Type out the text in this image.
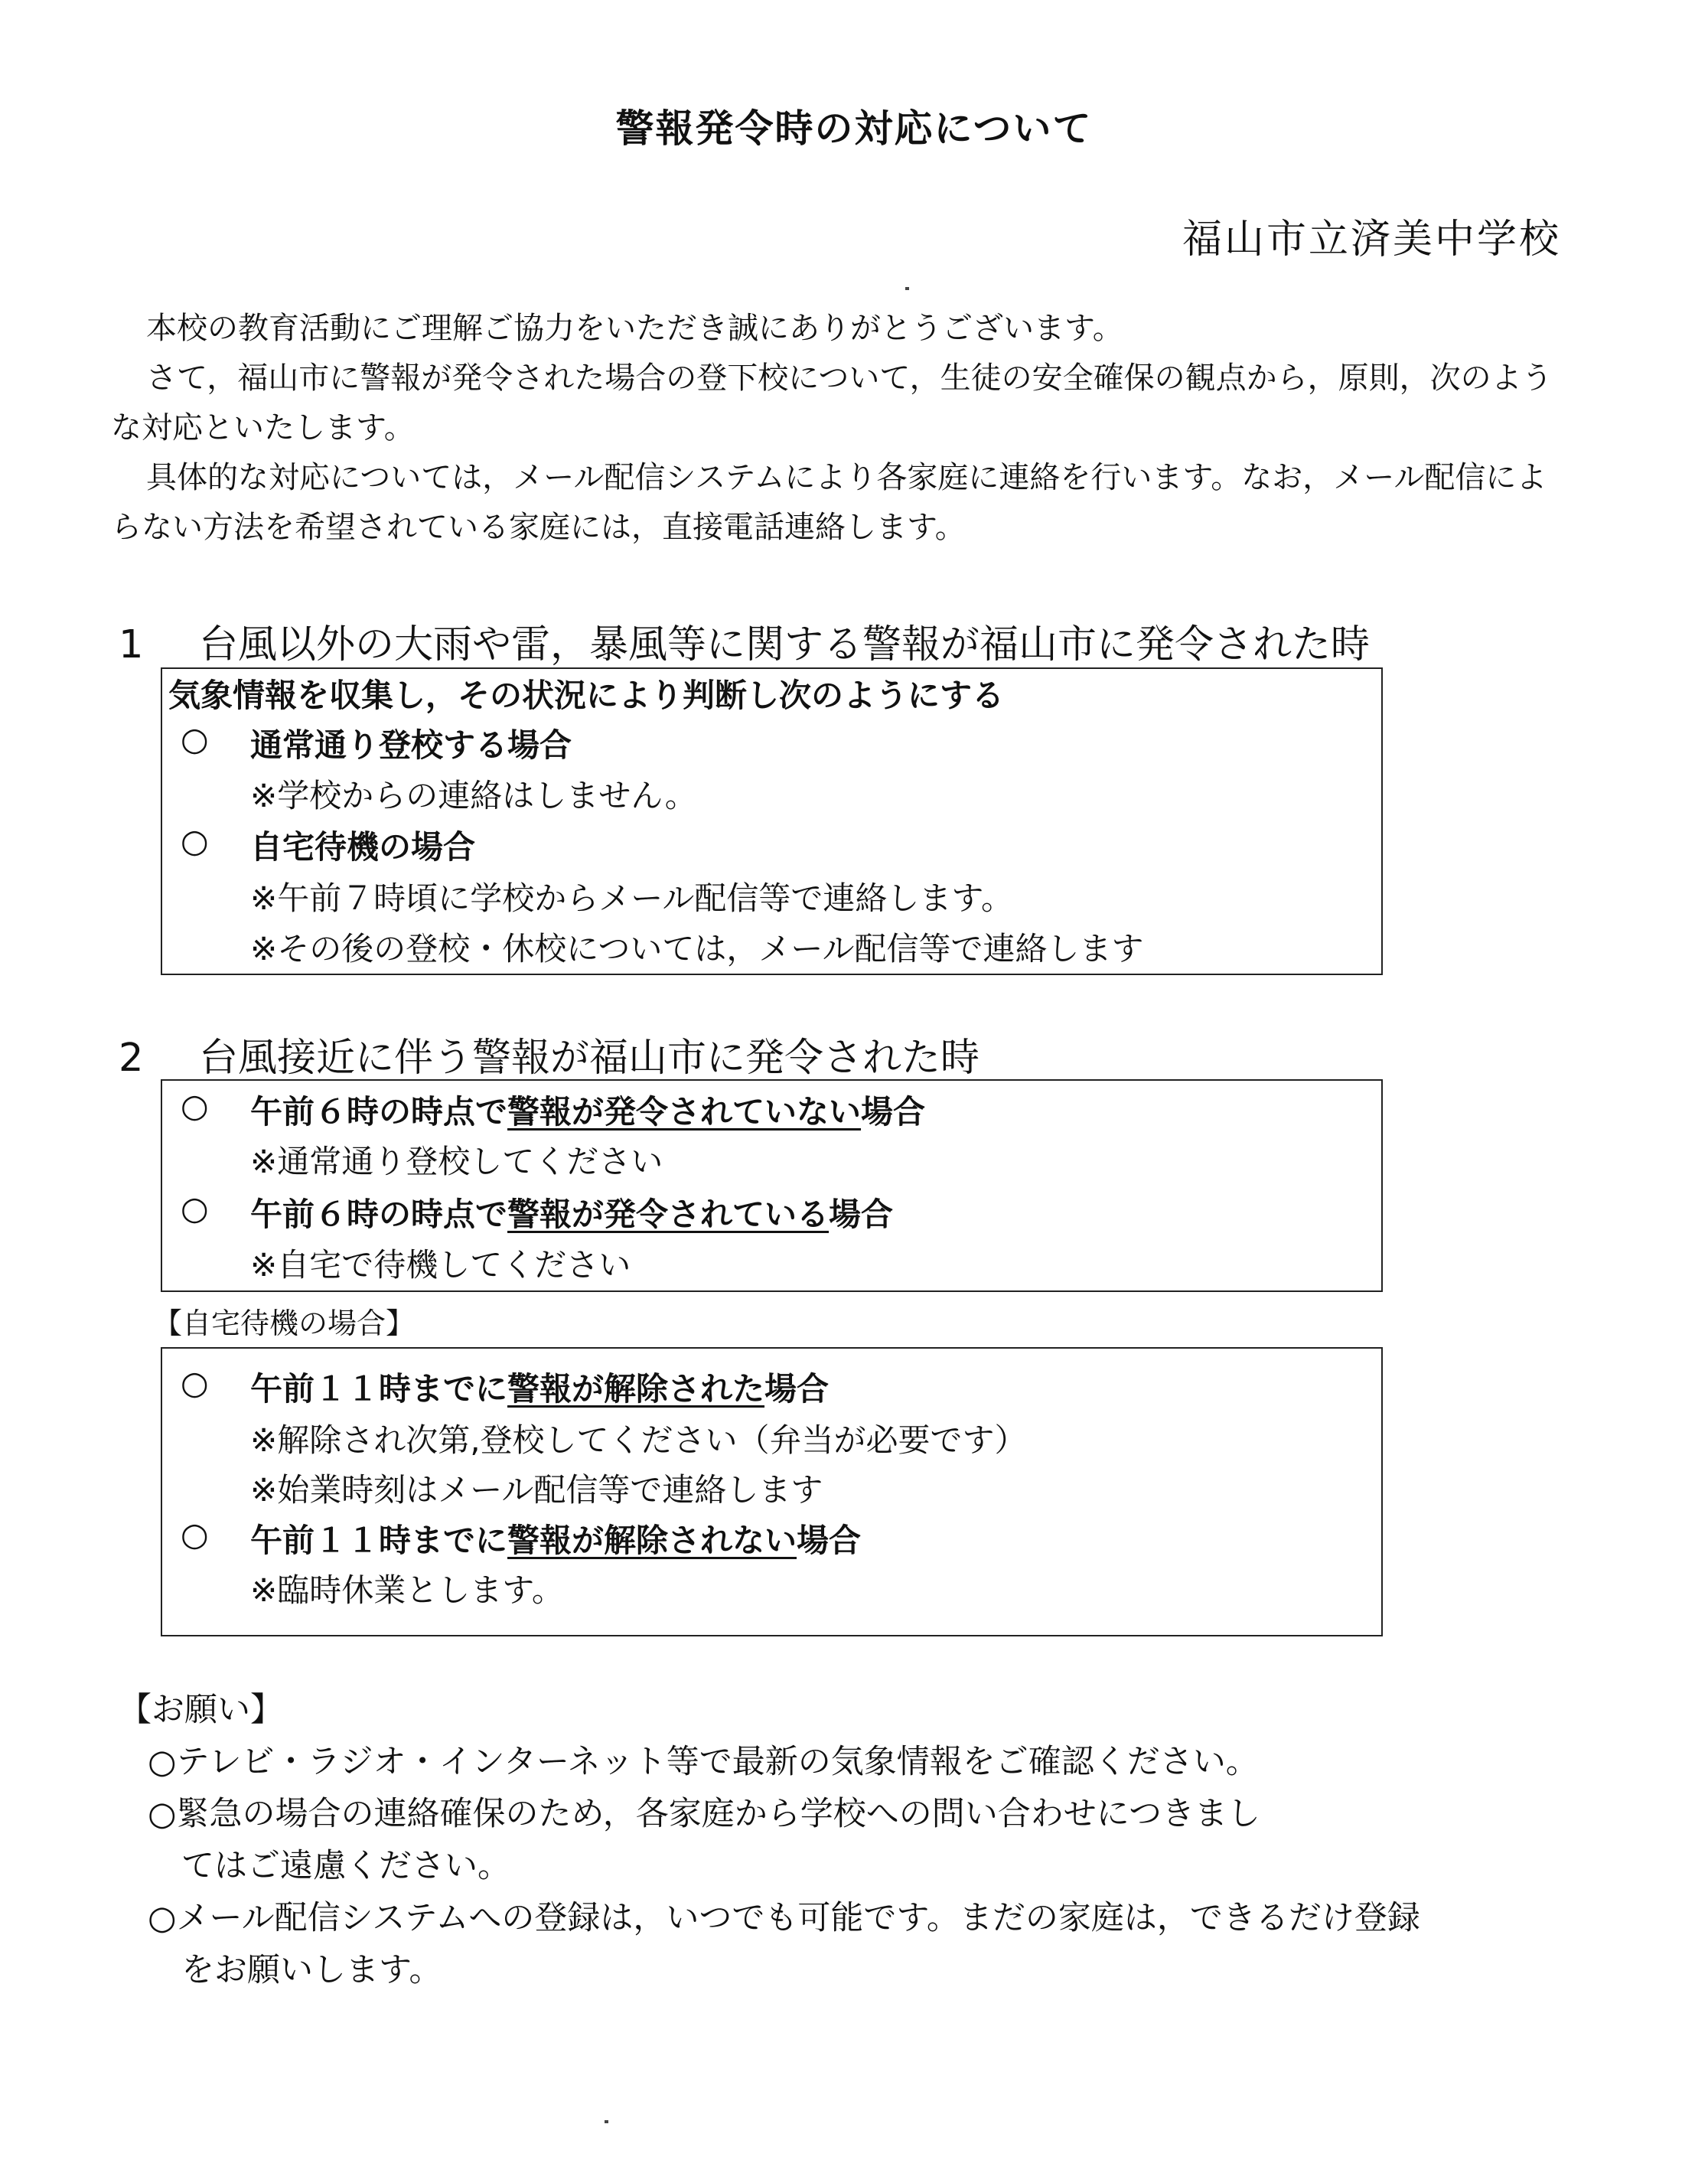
警報発令時の対応について
福山市立済美中学校

本校の教育活動にご理解ご協力をいただき誠にありがとうございます。

さて，福山市に警報が発令された場合の登下校について，生徒の安全確保の観点から，原則，次のような対応といたします。

具体的な対応については，メール配信システムにより各家庭に連絡を行います。なお，メール配信によらない方法を希望されている家庭には，直接電話連絡します。

1 台風以外の大雨や雷，暴風等に関する警報が福山市に発令された時
気象情報を収集し，その状況により判断し次のようにする
○ 通常通り登校する場合
※学校からの連絡はしません。
○ 自宅待機の場合
※午前７時頃に学校からメール配信等で連絡します。
※その後の登校・休校については，メール配信等で連絡します
2 台風接近に伴う警報が福山市に発令された時
○ 午前６時の時点で警報が発令されていない場合
※通常通り登校してください
○ 午前６時の時点で警報が発令されている場合
※自宅で待機してください
【自宅待機の場合】
○ 午前１１時までに警報が解除された場合
※解除され次第,登校してください（弁当が必要です）
※始業時刻はメール配信等で連絡します
○ 午前１１時までに警報が解除されない場合
※臨時休業とします。
【お願い】
○テレビ・ラジオ・インターネット等で最新の気象情報をご確認ください。
○緊急の場合の連絡確保のため，各家庭から学校への問い合わせにつきまし
てはご遠慮ください。
○メール配信システムへの登録は，いつでも可能です。まだの家庭は，できるだけ登録
をお願いします。
